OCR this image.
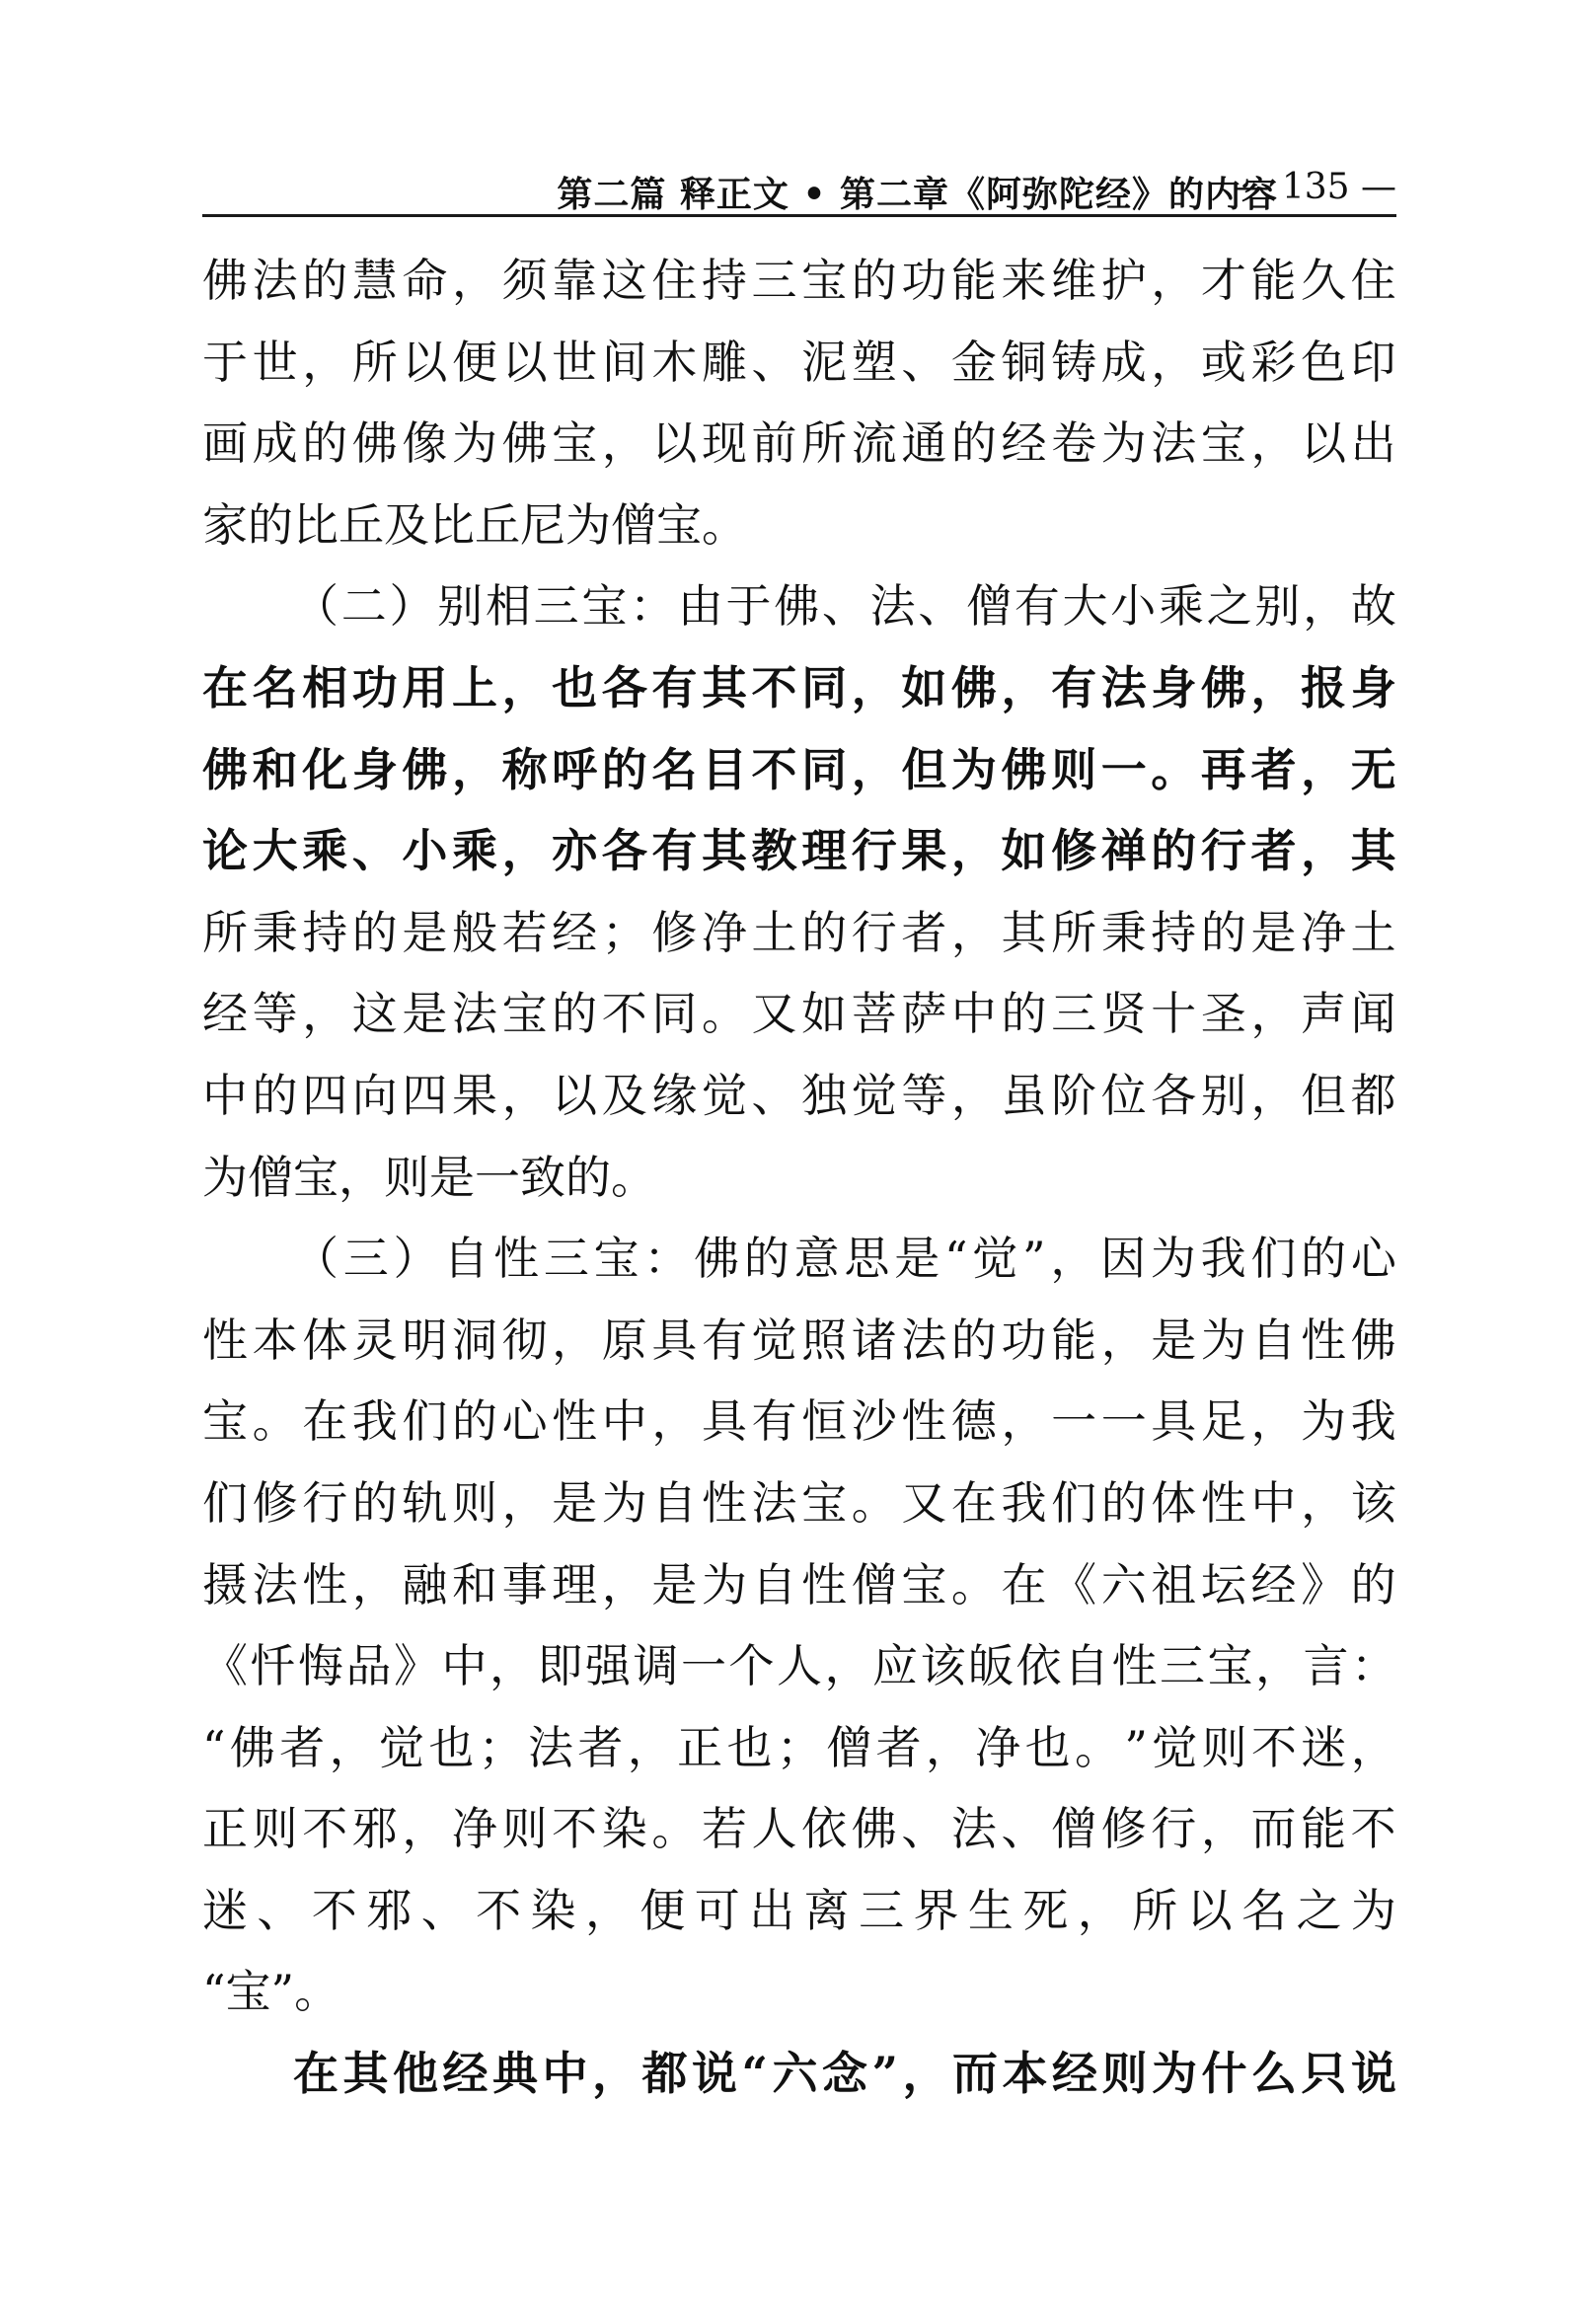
第二篇 释正文 • 第二章《阿弥陀经》的内容
— 135 —
佛 法 的 慧 命 ， 须 靠 这 住 持 三 宝 的 功 能 来 维 护 ， 才 能 久 住
于 世 ， 所 以 便 以 世 间 木 雕 、 泥 塑 、 金 铜 铸 成 ， 或 彩 色 印
画 成 的 佛 像 为 佛 宝 ， 以 现 前 所 流 通 的 经 卷 为 法 宝 ， 以 出
家 的 比 丘 及 比 丘 尼 为 僧 宝 。
（ 二 ） 别 相 三 宝 ： 由 于 佛 、 法 、 僧 有 大 小 乘 之 别 ， 故
在 名 相 功 用 上 ， 也 各 有 其 不 同 ， 如 佛 ， 有 法 身 佛 ， 报 身
佛 和 化 身 佛 ， 称 呼 的 名 目 不 同 ， 但 为 佛 则 一 。 再 者 ， 无
论 大 乘 、 小 乘 ， 亦 各 有 其 教 理 行 果 ， 如 修 禅 的 行 者 ， 其
所 秉 持 的 是 般 若 经 ； 修 净 土 的 行 者 ， 其 所 秉 持 的 是 净 土
经 等 ， 这 是 法 宝 的 不 同 。 又 如 菩 萨 中 的 三 贤 十 圣 ， 声 闻
中 的 四 向 四 果 ， 以 及 缘 觉 、 独 觉 等 ， 虽 阶 位 各 别 ， 但 都
为 僧 宝 ， 则 是 一 致 的 。
（ 三 ） 自 性 三 宝 ： 佛 的 意 思 是 “ 觉 ” ， 因 为 我 们 的 心
性 本 体 灵 明 洞 彻 ， 原 具 有 觉 照 诸 法 的 功 能 ， 是 为 自 性 佛
宝 。 在 我 们 的 心 性 中 ， 具 有 恒 沙 性 德 ， 一 一 具 足 ， 为 我
们 修 行 的 轨 则 ， 是 为 自 性 法 宝 。 又 在 我 们 的 体 性 中 ， 该
摄 法 性 ， 融 和 事 理 ， 是 为 自 性 僧 宝 。 在 《 六 祖 坛 经 》 的
《 忏 悔 品 》 中 ， 即 强 调 一 个 人 ， 应 该 皈 依 自 性 三 宝 ， 言 ：
“ 佛 者 ， 觉 也 ； 法 者 ， 正 也 ； 僧 者 ， 净 也 。 ” 觉 则 不 迷 ，
正 则 不 邪 ， 净 则 不 染 。 若 人 依 佛 、 法 、 僧 修 行 ， 而 能 不
迷 、 不 邪 、 不 染 ， 便 可 出 离 三 界 生 死 ， 所 以 名 之 为
“ 宝 ” 。
在 其 他 经 典 中 ， 都 说 “ 六 念 ” ， 而 本 经 则 为 什 么 只 说
